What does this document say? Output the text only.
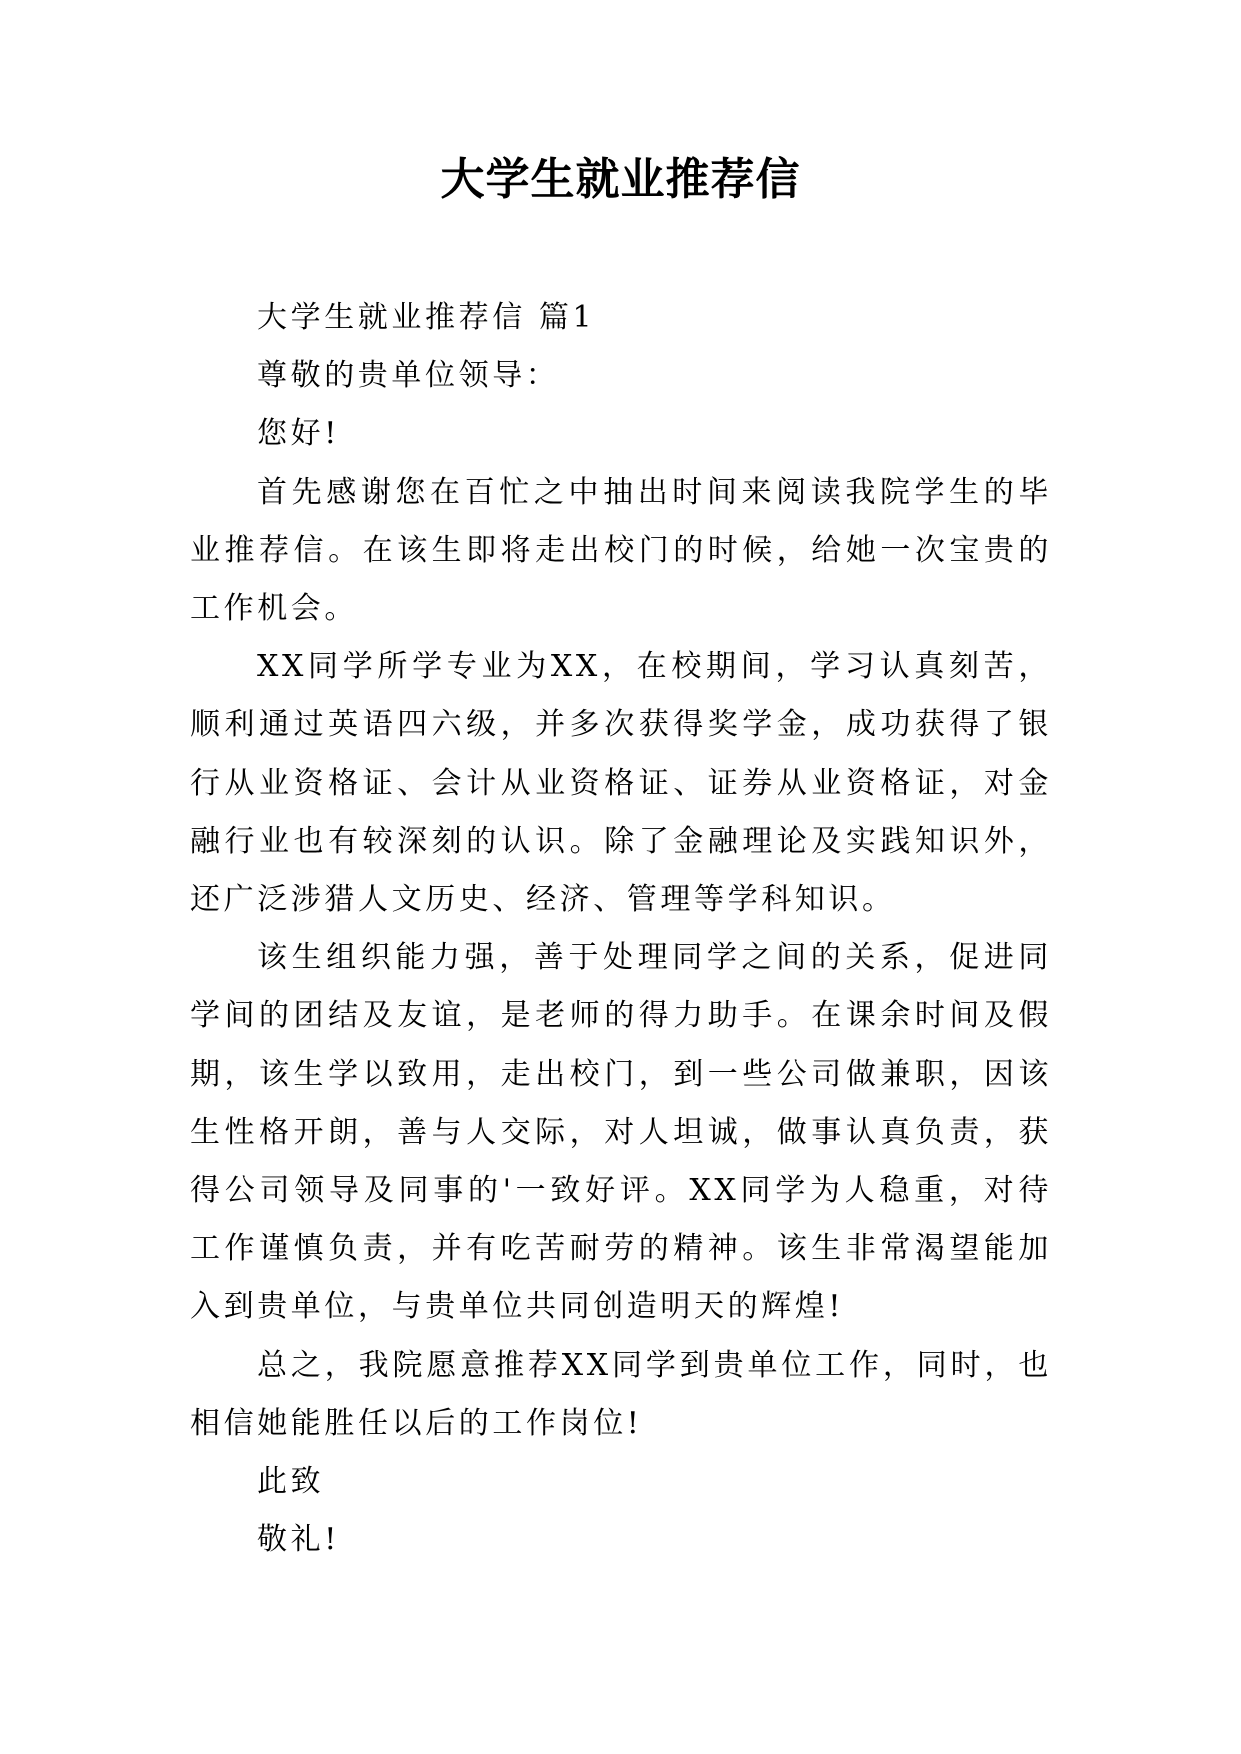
大学生就业推荐信

大学生就业推荐信 篇1

尊敬的贵单位领导：

您好!

首先感谢您在百忙之中抽出时间来阅读我院学生的毕业推荐信。在该生即将走出校门的时候，给她一次宝贵的工作机会。

XX同学所学专业为XX，在校期间，学习认真刻苦，顺利通过英语四六级，并多次获得奖学金，成功获得了银行从业资格证、会计从业资格证、证券从业资格证，对金融行业也有较深刻的认识。除了金融理论及实践知识外，还广泛涉猎人文历史、经济、管理等学科知识。

该生组织能力强，善于处理同学之间的关系，促进同学间的团结及友谊，是老师的得力助手。在课余时间及假期，该生学以致用，走出校门，到一些公司做兼职，因该生性格开朗，善与人交际，对人坦诚，做事认真负责，获得公司领导及同事的'一致好评。XX同学为人稳重，对待工作谨慎负责，并有吃苦耐劳的精神。该生非常渴望能加入到贵单位，与贵单位共同创造明天的辉煌!

总之，我院愿意推荐XX同学到贵单位工作，同时，也相信她能胜任以后的工作岗位!

此致

敬礼!
